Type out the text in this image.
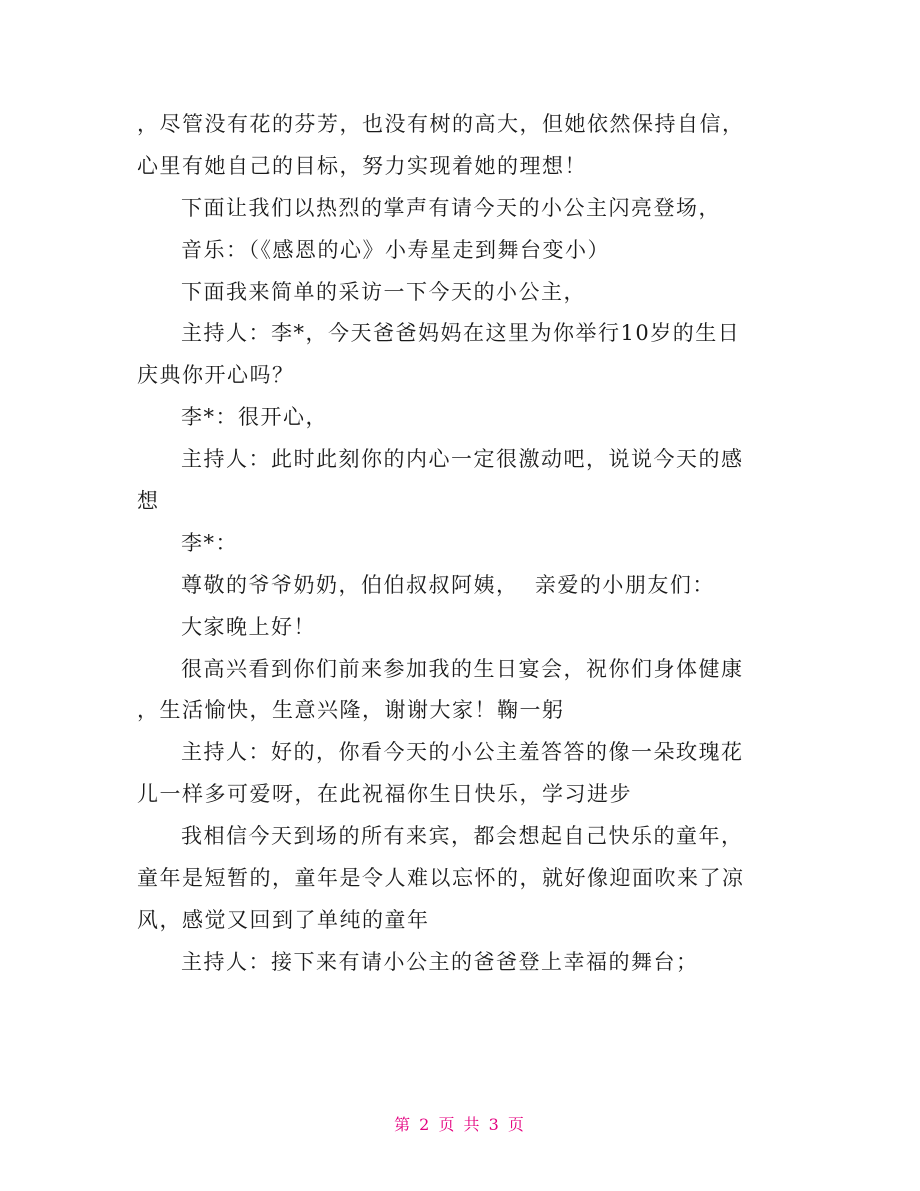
，尽管没有花的芬芳，也没有树的高大，但她依然保持自信，
心里有她自己的目标，努力实现着她的理想！
下面让我们以热烈的掌声有请今天的小公主闪亮登场，
音乐：（《感恩的心》小寿星走到舞台变小）
下面我来简单的采访一下今天的小公主，
主持人：李*，今天爸爸妈妈在这里为你举行10岁的生日
庆典你开心吗？
李*：很开心，
主持人：此时此刻你的内心一定很激动吧，说说今天的感
想
李*：
尊敬的爷爷奶奶，伯伯叔叔阿姨，  亲爱的小朋友们：
大家晚上好！
很高兴看到你们前来参加我的生日宴会，祝你们身体健康
，生活愉快，生意兴隆，谢谢大家！鞠一躬
主持人：好的，你看今天的小公主羞答答的像一朵玫瑰花
儿一样多可爱呀，在此祝福你生日快乐，学习进步
我相信今天到场的所有来宾，都会想起自己快乐的童年，
童年是短暂的，童年是令人难以忘怀的，就好像迎面吹来了凉
风，感觉又回到了单纯的童年
主持人：接下来有请小公主的爸爸登上幸福的舞台；
第 2 页 共 3 页
